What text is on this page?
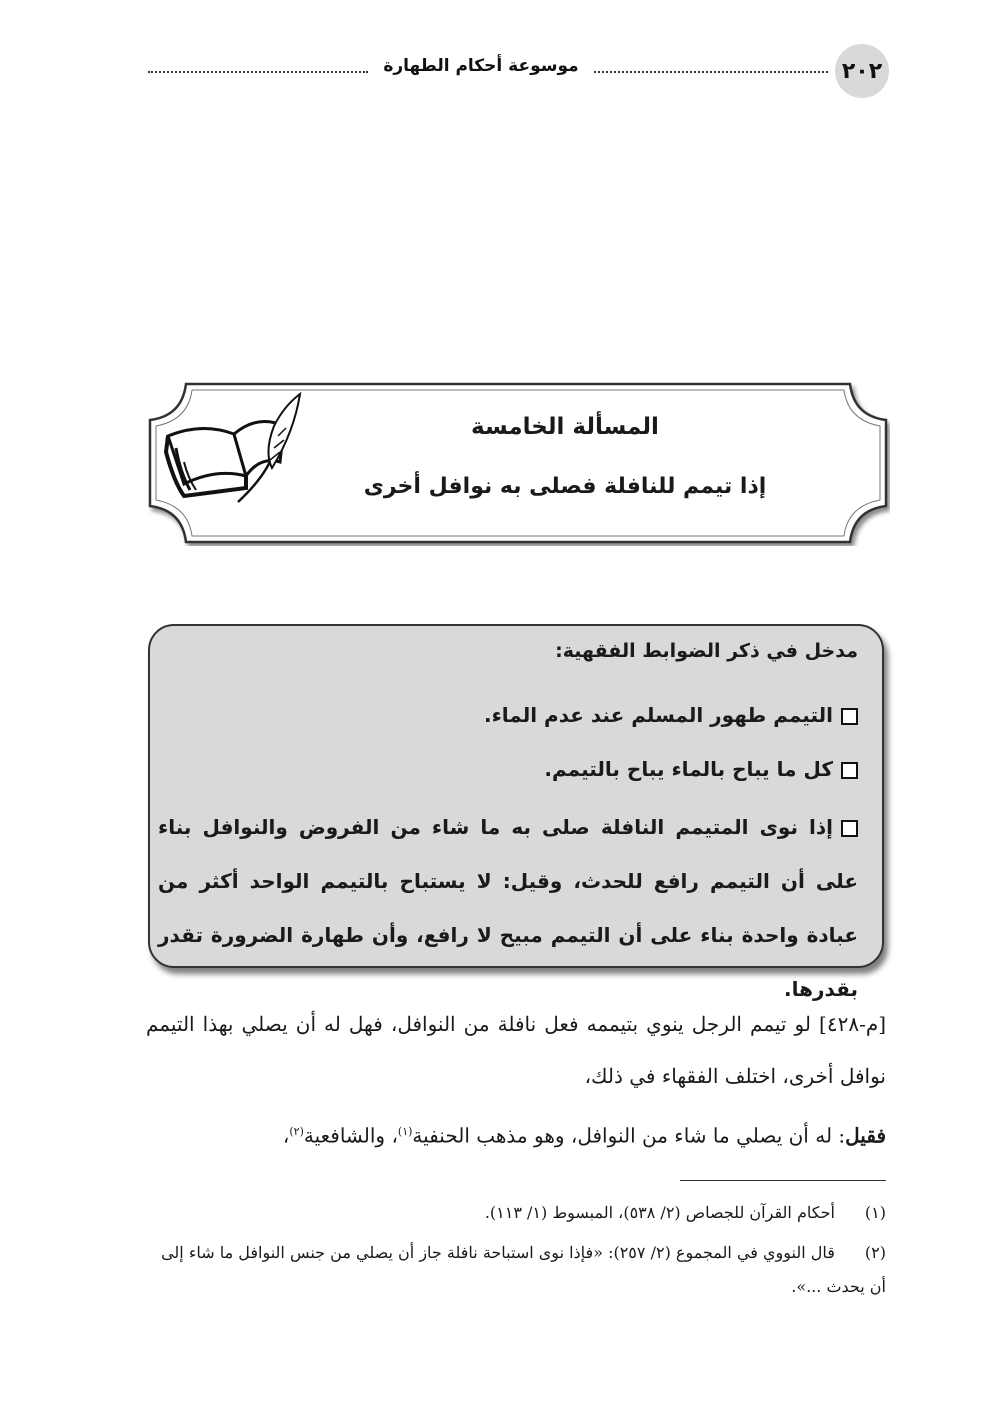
٢٠٢
موسوعة أحكام الطهارة
المسألة الخامسة
إذا تيمم للنافلة فصلى به نوافل أخرى
مدخل في ذكر الضوابط الفقهية:
التيمم طهور المسلم عند عدم الماء.
كل ما يباح بالماء يباح بالتيمم.
إذا نوى المتيمم النافلة صلى به ما شاء من الفروض والنوافل بناء على أن التيمم رافع للحدث، وقيل: لا يستباح بالتيمم الواحد أكثر من عبادة واحدة بناء على أن التيمم مبيح لا رافع، وأن طهارة الضرورة تقدر بقدرها.
[م-٤٢٨] لو تيمم الرجل ينوي بتيممه فعل نافلة من النوافل، فهل له أن يصلي بهذا التيمم نوافل أخرى، اختلف الفقهاء في ذلك،
فقيل: له أن يصلي ما شاء من النوافل، وهو مذهب الحنفية$^{(١)}$، والشافعية$^{(٢)}$،
(١) أحكام القرآن للجصاص (٢/ ٥٣٨)، المبسوط (١/ ١١٣).
(٢) قال النووي في المجموع (٢/ ٢٥٧): «فإذا نوى استباحة نافلة جاز أن يصلي من جنس النوافل ما شاء إلى أن يحدث ...».
